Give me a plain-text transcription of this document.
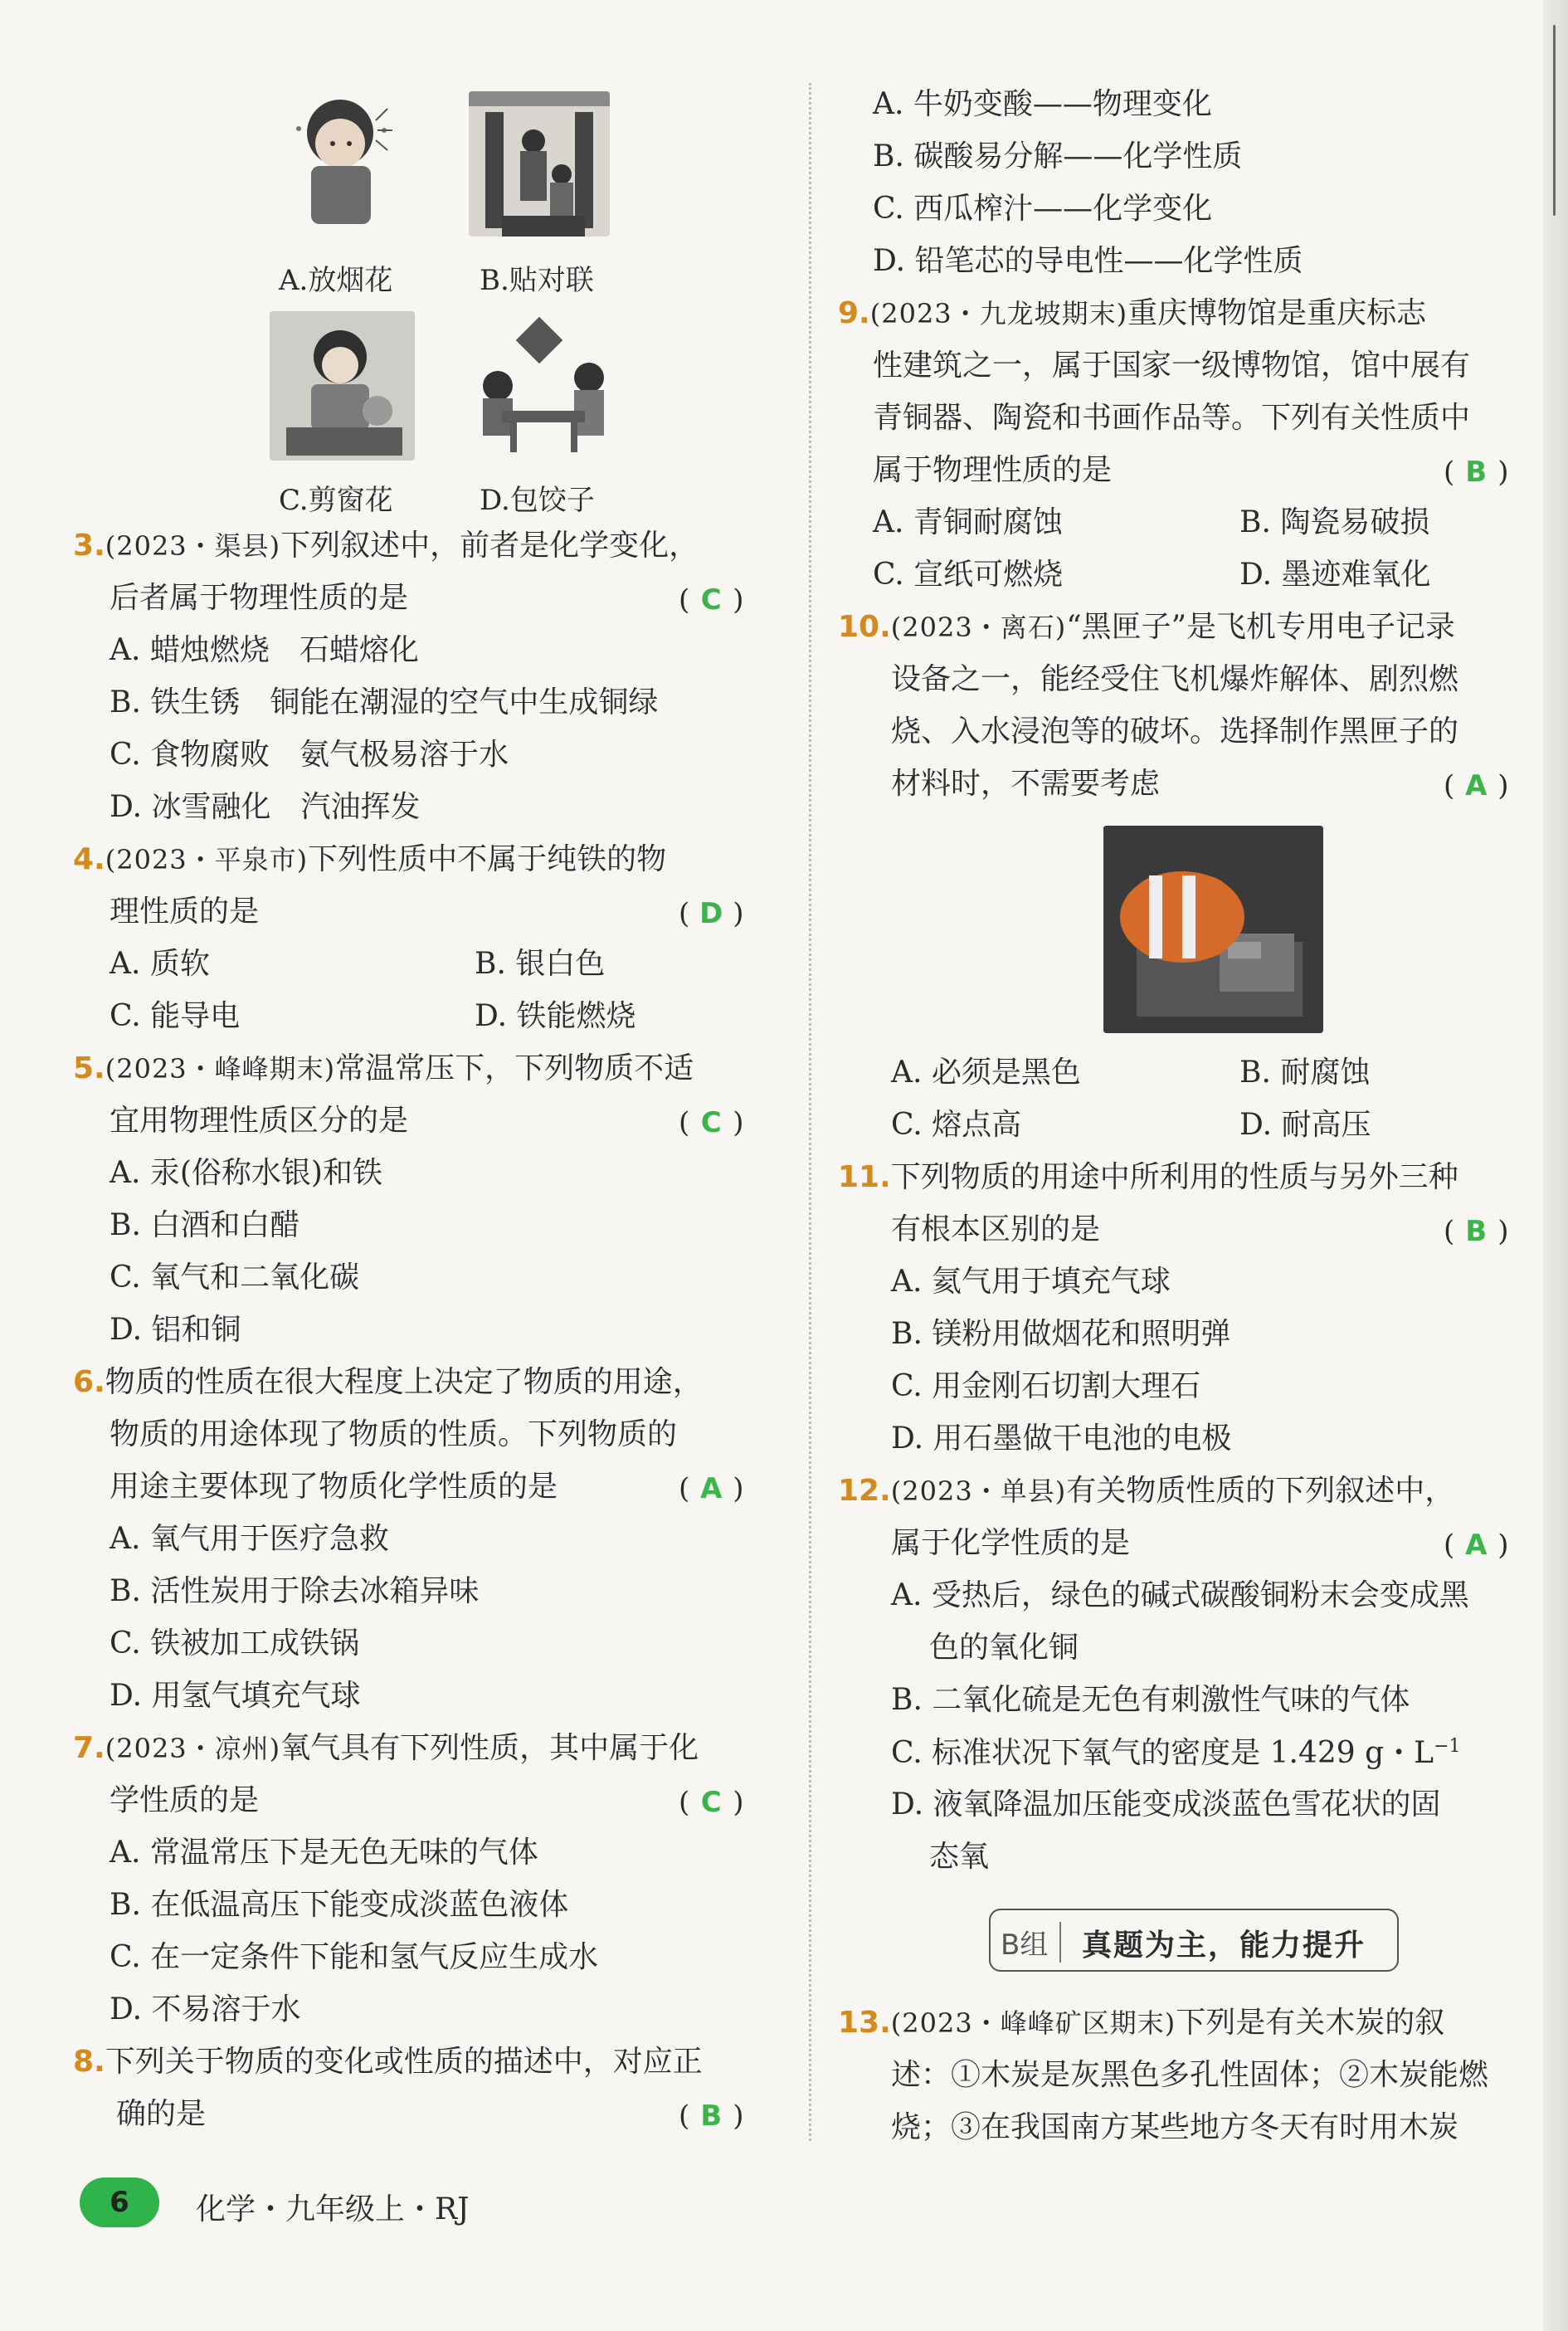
A.放烟花	B.贴对联
C.剪窗花	D.包饺子
3.(2023・渠县)下列叙述中，前者是化学变化，
后者属于物理性质的是	( C )
A. 蜡烛燃烧　石蜡熔化
B. 铁生锈　铜能在潮湿的空气中生成铜绿
C. 食物腐败　氨气极易溶于水
D. 冰雪融化　汽油挥发
4.(2023・平泉市)下列性质中不属于纯铁的物
理性质的是	( D )
A. 质软	B. 银白色
C. 能导电	D. 铁能燃烧
5.(2023・峰峰期末)常温常压下，下列物质不适
宜用物理性质区分的是	( C )
A. 汞(俗称水银)和铁
B. 白酒和白醋
C. 氧气和二氧化碳
D. 铝和铜
6.物质的性质在很大程度上决定了物质的用途，
物质的用途体现了物质的性质。下列物质的
用途主要体现了物质化学性质的是	( A )
A. 氧气用于医疗急救
B. 活性炭用于除去冰箱异味
C. 铁被加工成铁锅
D. 用氢气填充气球
7.(2023・凉州)氧气具有下列性质，其中属于化
学性质的是	( C )
A. 常温常压下是无色无味的气体
B. 在低温高压下能变成淡蓝色液体
C. 在一定条件下能和氢气反应生成水
D. 不易溶于水
8.下列关于物质的变化或性质的描述中，对应正
确的是	( B )
A. 牛奶变酸——物理变化
B. 碳酸易分解——化学性质
C. 西瓜榨汁——化学变化
D. 铅笔芯的导电性——化学性质
9.(2023・九龙坡期末)重庆博物馆是重庆标志
性建筑之一，属于国家一级博物馆，馆中展有
青铜器、陶瓷和书画作品等。下列有关性质中
属于物理性质的是	( B )
A. 青铜耐腐蚀	B. 陶瓷易破损
C. 宣纸可燃烧	D. 墨迹难氧化
10.(2023・离石)“黑匣子”是飞机专用电子记录
设备之一，能经受住飞机爆炸解体、剧烈燃
烧、入水浸泡等的破坏。选择制作黑匣子的
材料时，不需要考虑	( A )
A. 必须是黑色	B. 耐腐蚀
C. 熔点高	D. 耐高压
11.下列物质的用途中所利用的性质与另外三种
有根本区别的是	( B )
A. 氦气用于填充气球
B. 镁粉用做烟花和照明弹
C. 用金刚石切割大理石
D. 用石墨做干电池的电极
12.(2023・单县)有关物质性质的下列叙述中，
属于化学性质的是	( A )
A. 受热后，绿色的碱式碳酸铜粉末会变成黑
色的氧化铜
B. 二氧化硫是无色有刺激性气味的气体
C. 标准状况下氧气的密度是 1.429 g・$L^{-1}$
D. 液氧降温加压能变成淡蓝色雪花状的固
态氧
B组	真题为主，能力提升
13.(2023・峰峰矿区期末)下列是有关木炭的叙
述：①木炭是灰黑色多孔性固体；②木炭能燃
烧；③在我国南方某些地方冬天有时用木炭
6	化学・九年级上・RJ
